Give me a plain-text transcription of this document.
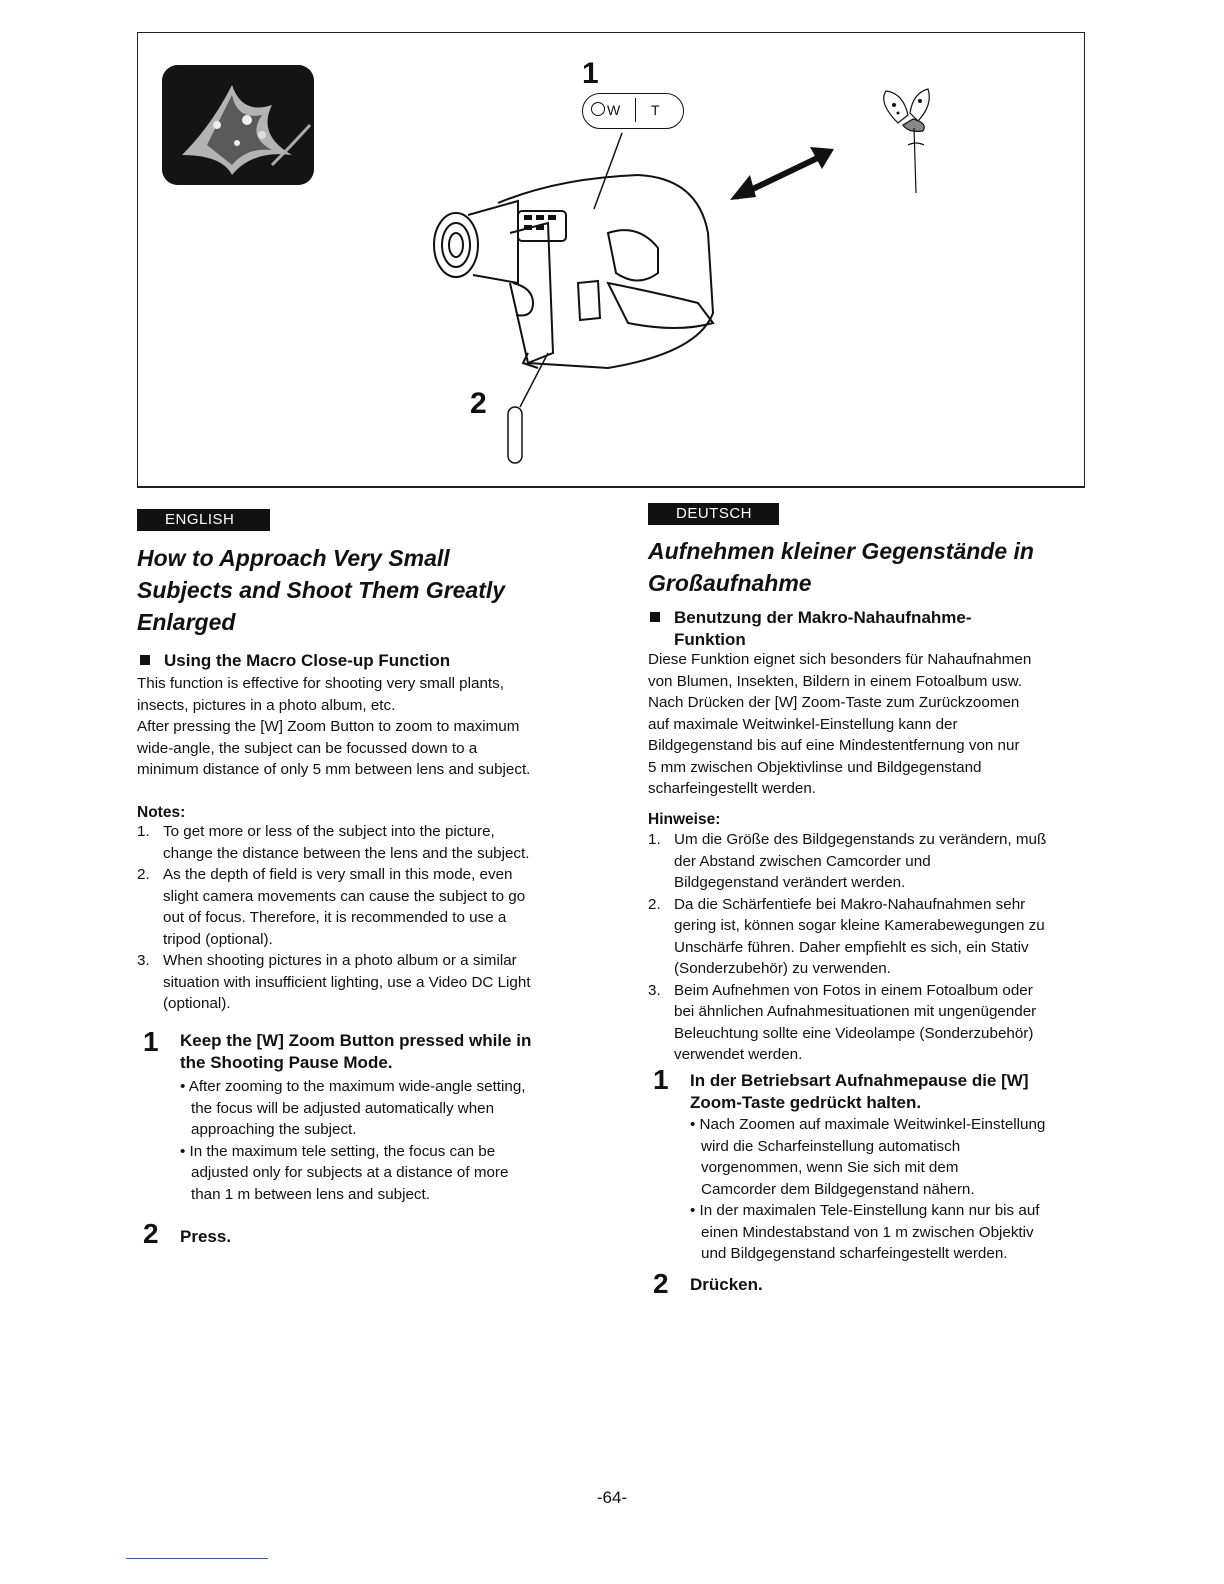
1
2
W T
ENGLISH
How to Approach Very Small
Subjects and Shoot Them Greatly
Enlarged
Using the Macro Close-up Function
This function is effective for shooting very small plants,
insects, pictures in a photo album, etc.
After pressing the [W] Zoom Button to zoom to maximum
wide-angle, the subject can be focussed down to a
minimum distance of only 5 mm between lens and subject.
Notes:
1. To get more or less of the subject into the picture,
change the distance between the lens and the subject.
2. As the depth of field is very small in this mode, even
slight camera movements can cause the subject to go
out of focus. Therefore, it is recommended to use a
tripod (optional).
3. When shooting pictures in a photo album or a similar
situation with insufficient lighting, use a Video DC Light
(optional).
1 Keep the [W] Zoom Button pressed while in
the Shooting Pause Mode.
• After zooming to the maximum wide-angle setting,
the focus will be adjusted automatically when
approaching the subject.
• In the maximum tele setting, the focus can be
adjusted only for subjects at a distance of more
than 1 m between lens and subject.
2 Press.
DEUTSCH
Aufnehmen kleiner Gegenstände in
Großaufnahme
Benutzung der Makro-Nahaufnahme-
Funktion
Diese Funktion eignet sich besonders für Nahaufnahmen
von Blumen, Insekten, Bildern in einem Fotoalbum usw.
Nach Drücken der [W] Zoom-Taste zum Zurückzoomen
auf maximale Weitwinkel-Einstellung kann der
Bildgegenstand bis auf eine Mindestentfernung von nur
5 mm zwischen Objektivlinse und Bildgegenstand
scharfeingestellt werden.
Hinweise:
1. Um die Größe des Bildgegenstands zu verändern, muß
der Abstand zwischen Camcorder und
Bildgegenstand verändert werden.
2. Da die Schärfentiefe bei Makro-Nahaufnahmen sehr
gering ist, können sogar kleine Kamerabewegungen zu
Unschärfe führen. Daher empfiehlt es sich, ein Stativ
(Sonderzubehör) zu verwenden.
3. Beim Aufnehmen von Fotos in einem Fotoalbum oder
bei ähnlichen Aufnahmesituationen mit ungenügender
Beleuchtung sollte eine Videolampe (Sonderzubehör)
verwendet werden.
1 In der Betriebsart Aufnahmepause die [W]
Zoom-Taste gedrückt halten.
• Nach Zoomen auf maximale Weitwinkel-Einstellung
wird die Scharfeinstellung automatisch
vorgenommen, wenn Sie sich mit dem
Camcorder dem Bildgegenstand nähern.
• In der maximalen Tele-Einstellung kann nur bis auf
einen Mindestabstand von 1 m zwischen Objektiv
und Bildgegenstand scharfeingestellt werden.
2 Drücken.
-64-
